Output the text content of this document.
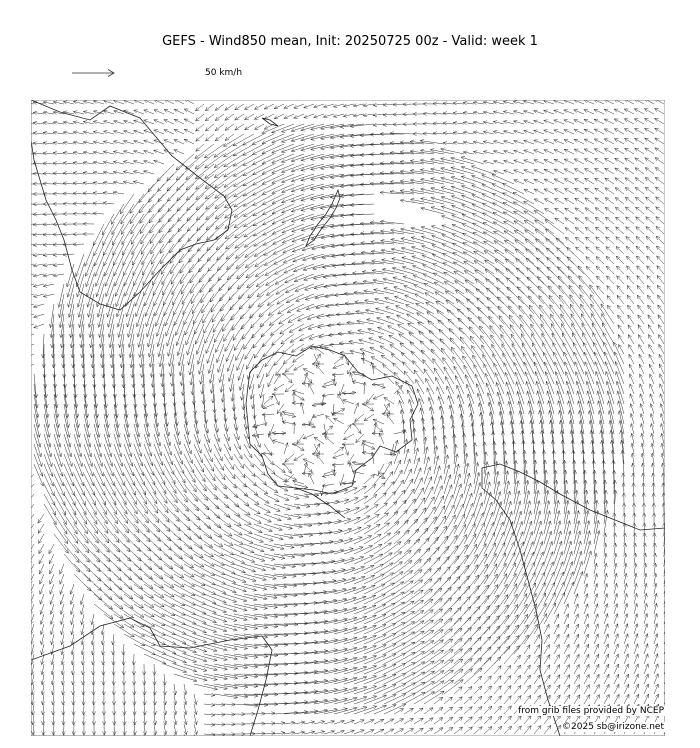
GEFS - Wind850 mean, Init: 20250725 00z - Valid: week 1
50 km/h
from grib files provided by NCEP
©2025 sb@irizone.net
